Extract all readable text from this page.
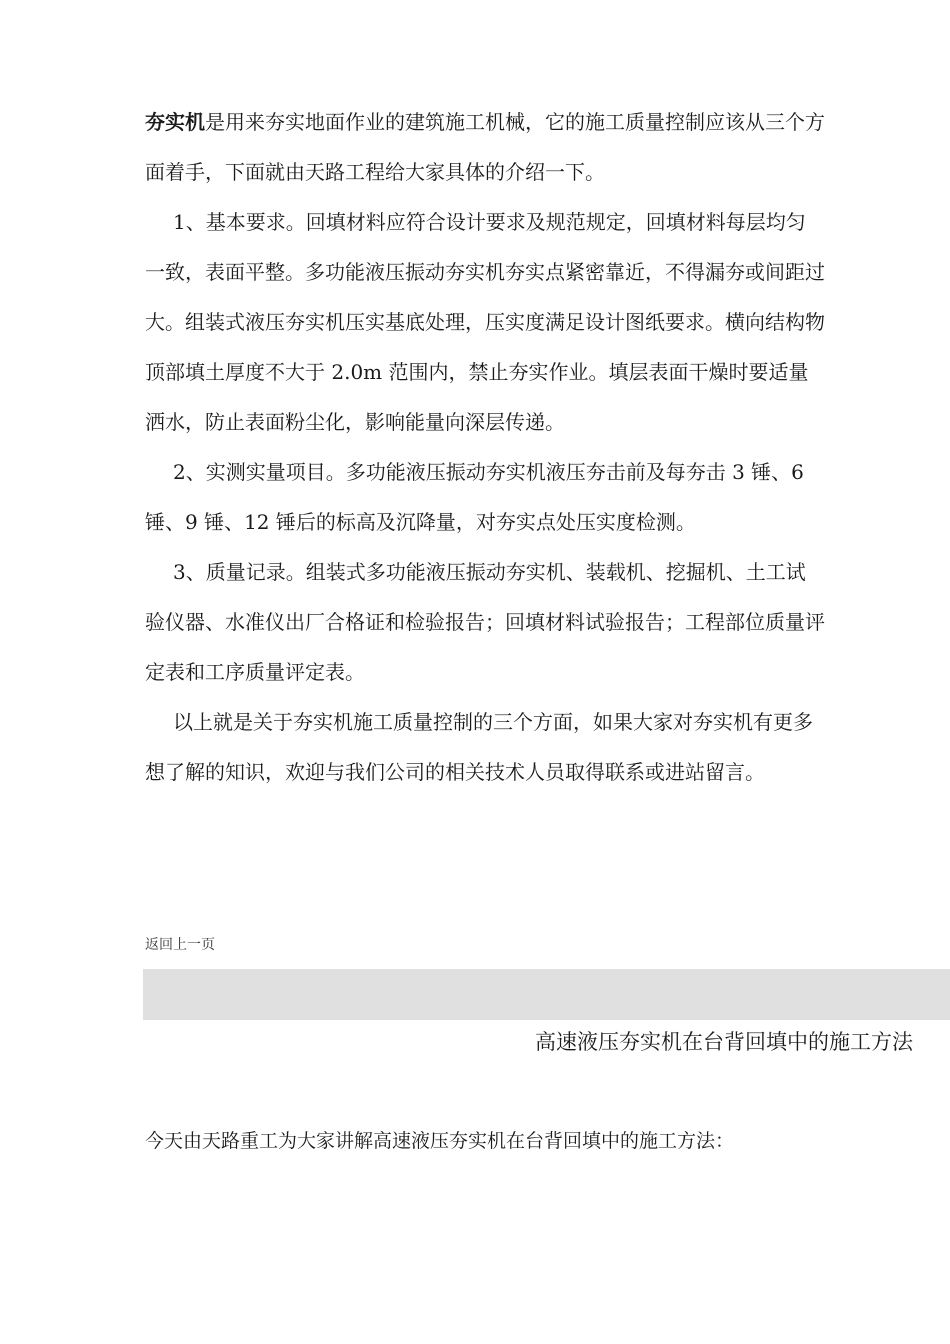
夯实机是用来夯实地面作业的建筑施工机械，它的施工质量控制应该从三个方面着手，下面就由天路工程给大家具体的介绍一下。

1、基本要求。回填材料应符合设计要求及规范规定，回填材料每层均匀一致，表面平整。多功能液压振动夯实机夯实点紧密靠近，不得漏夯或间距过大。组装式液压夯实机压实基底处理，压实度满足设计图纸要求。横向结构物顶部填土厚度不大于 2.0m 范围内，禁止夯实作业。填层表面干燥时要适量洒水，防止表面粉尘化，影响能量向深层传递。

2、实测实量项目。多功能液压振动夯实机液压夯击前及每夯击 3 锤、6 锤、9 锤、12 锤后的标高及沉降量，对夯实点处压实度检测。

3、质量记录。组装式多功能液压振动夯实机、装载机、挖掘机、土工试验仪器、水准仪出厂合格证和检验报告；回填材料试验报告；工程部位质量评定表和工序质量评定表。

以上就是关于夯实机施工质量控制的三个方面，如果大家对夯实机有更多想了解的知识，欢迎与我们公司的相关技术人员取得联系或进站留言。

返回上一页
高速液压夯实机在台背回填中的施工方法
今天由天路重工为大家讲解高速液压夯实机在台背回填中的施工方法：
